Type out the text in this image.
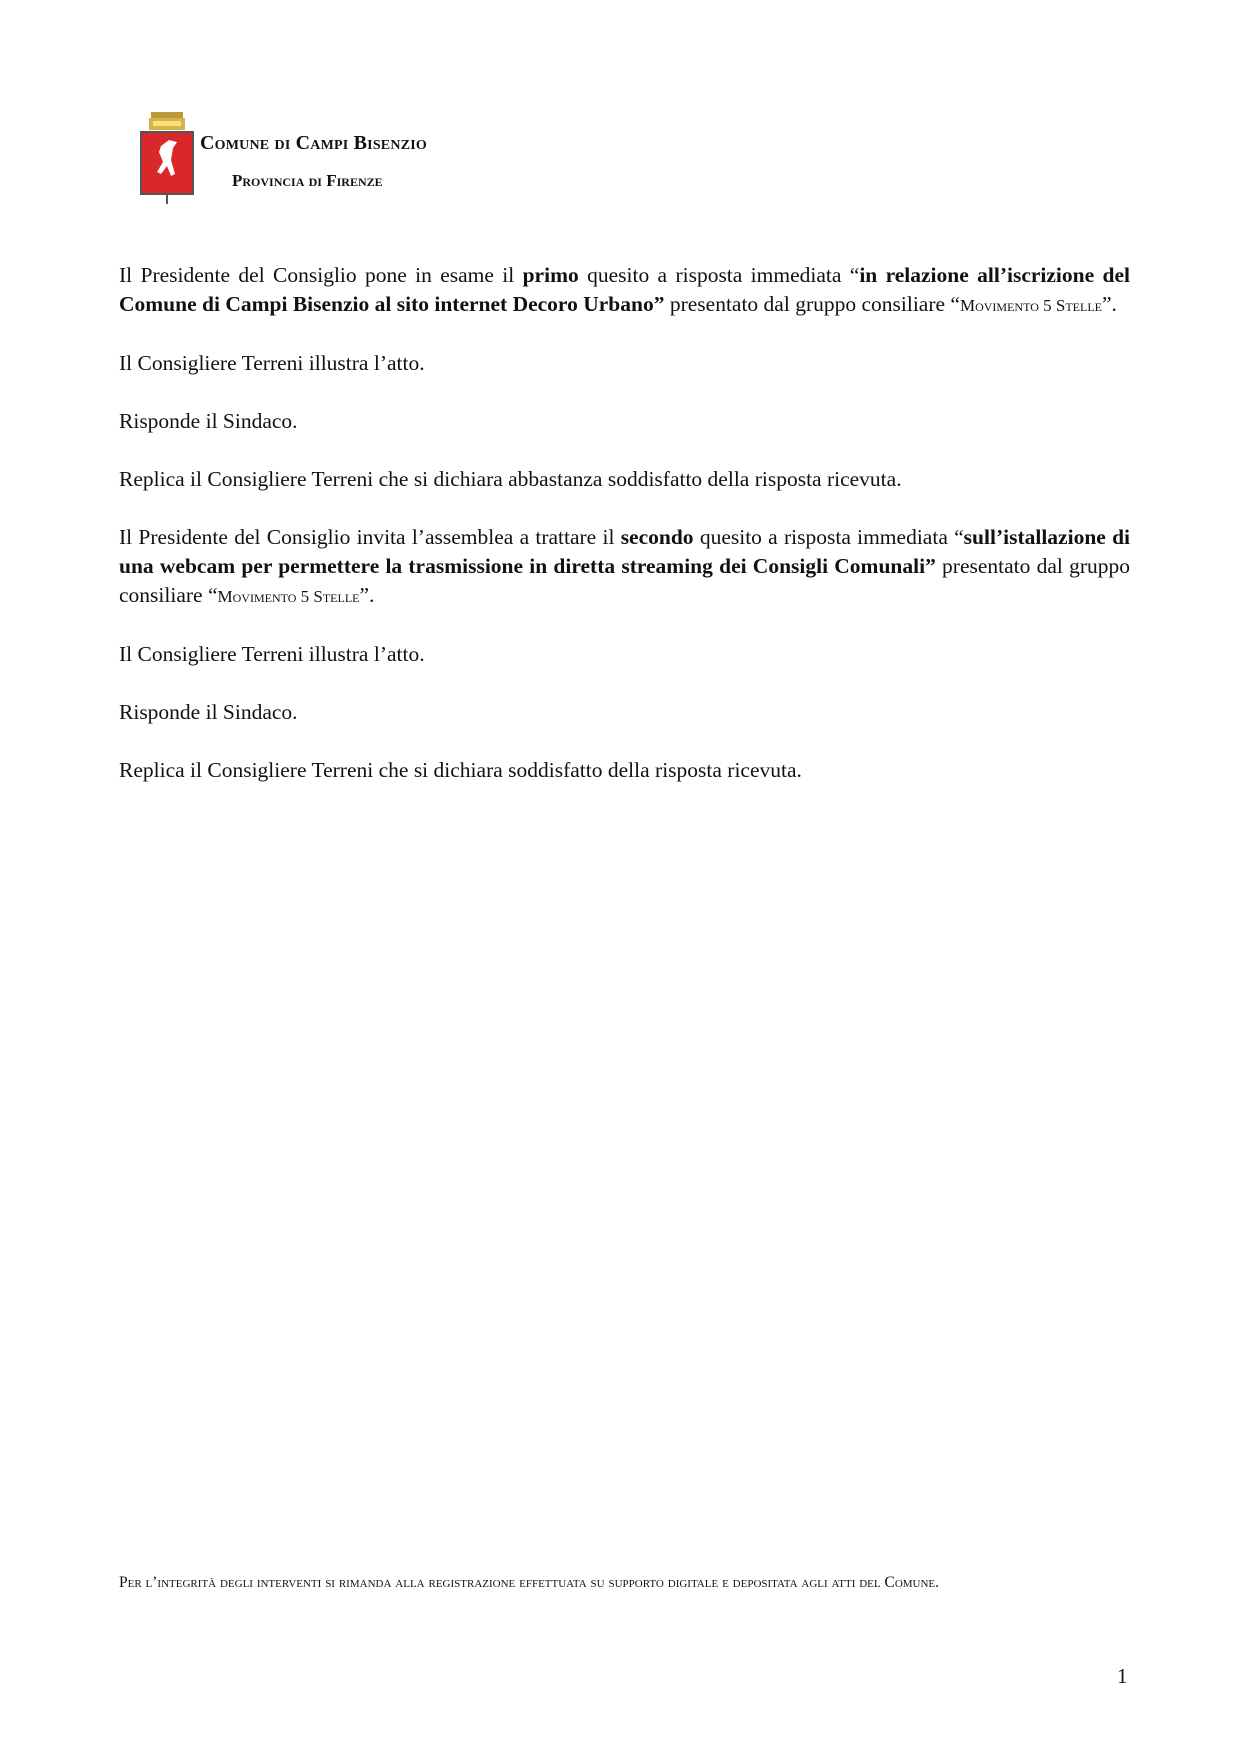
Comune di Campi Bisenzio
Provincia di Firenze

Il Presidente del Consiglio pone in esame il primo quesito a risposta immediata “in relazione all’iscrizione del Comune di Campi Bisenzio al sito internet Decoro Urbano” presentato dal gruppo consiliare “Movimento 5 Stelle”.

Il Consigliere Terreni illustra l’atto.

Risponde il Sindaco.

Replica il Consigliere Terreni che si dichiara abbastanza soddisfatto della risposta ricevuta.

Il Presidente del Consiglio invita l’assemblea a trattare il secondo quesito a risposta immediata “sull’istallazione di una webcam per permettere la trasmissione in diretta streaming dei Consigli Comunali” presentato dal gruppo consiliare “Movimento 5 Stelle”.

Il Consigliere Terreni illustra l’atto.

Risponde il Sindaco.

Replica il Consigliere Terreni che si dichiara soddisfatto della risposta ricevuta.

Per l’integrità degli interventi si rimanda alla registrazione effettuata su supporto digitale e depositata agli atti del Comune.
1
